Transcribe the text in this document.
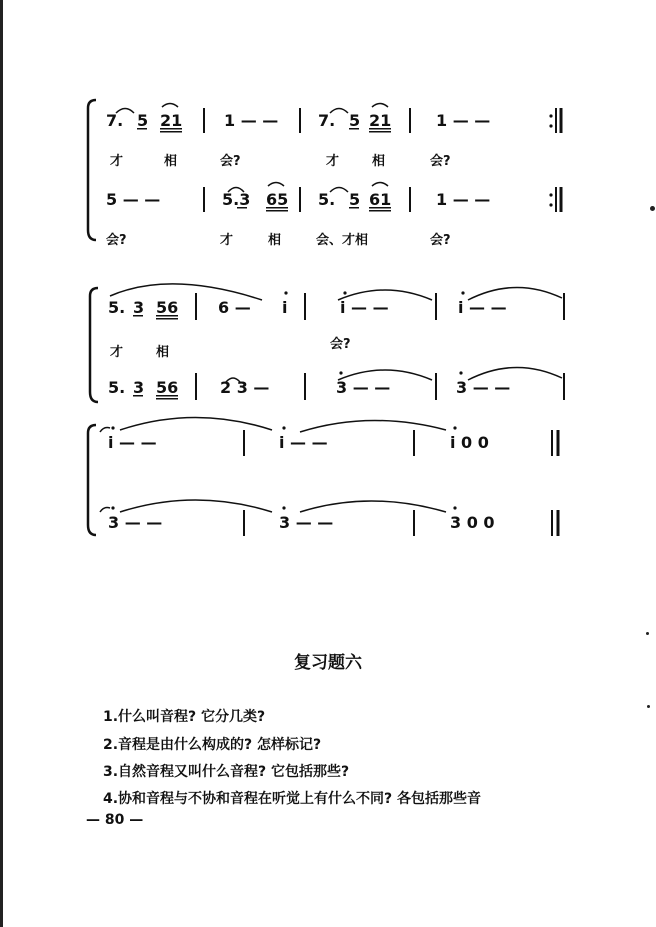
7. 5 21	1 — — 7. 5 21	1 — —
才	相	会?	才	相	会?
5 — —	5.3 65 5. 5 61	1 — —
会?	才	相	会、才相	会?
5. 3 56 6 — i	i — —	i — —
才	相
会?
5. 3 56	2 3 —	3 — —	3 — —
i — —	i — —	i 0 0
3 — —	3 — —	3 0 0
复习题六
1.什么叫音程? 它分几类?
2.音程是由什么构成的? 怎样标记?
3.自然音程又叫什么音程? 它包括那些?
4.协和音程与不协和音程在听觉上有什么不同? 各包括那些音
— 80 —
